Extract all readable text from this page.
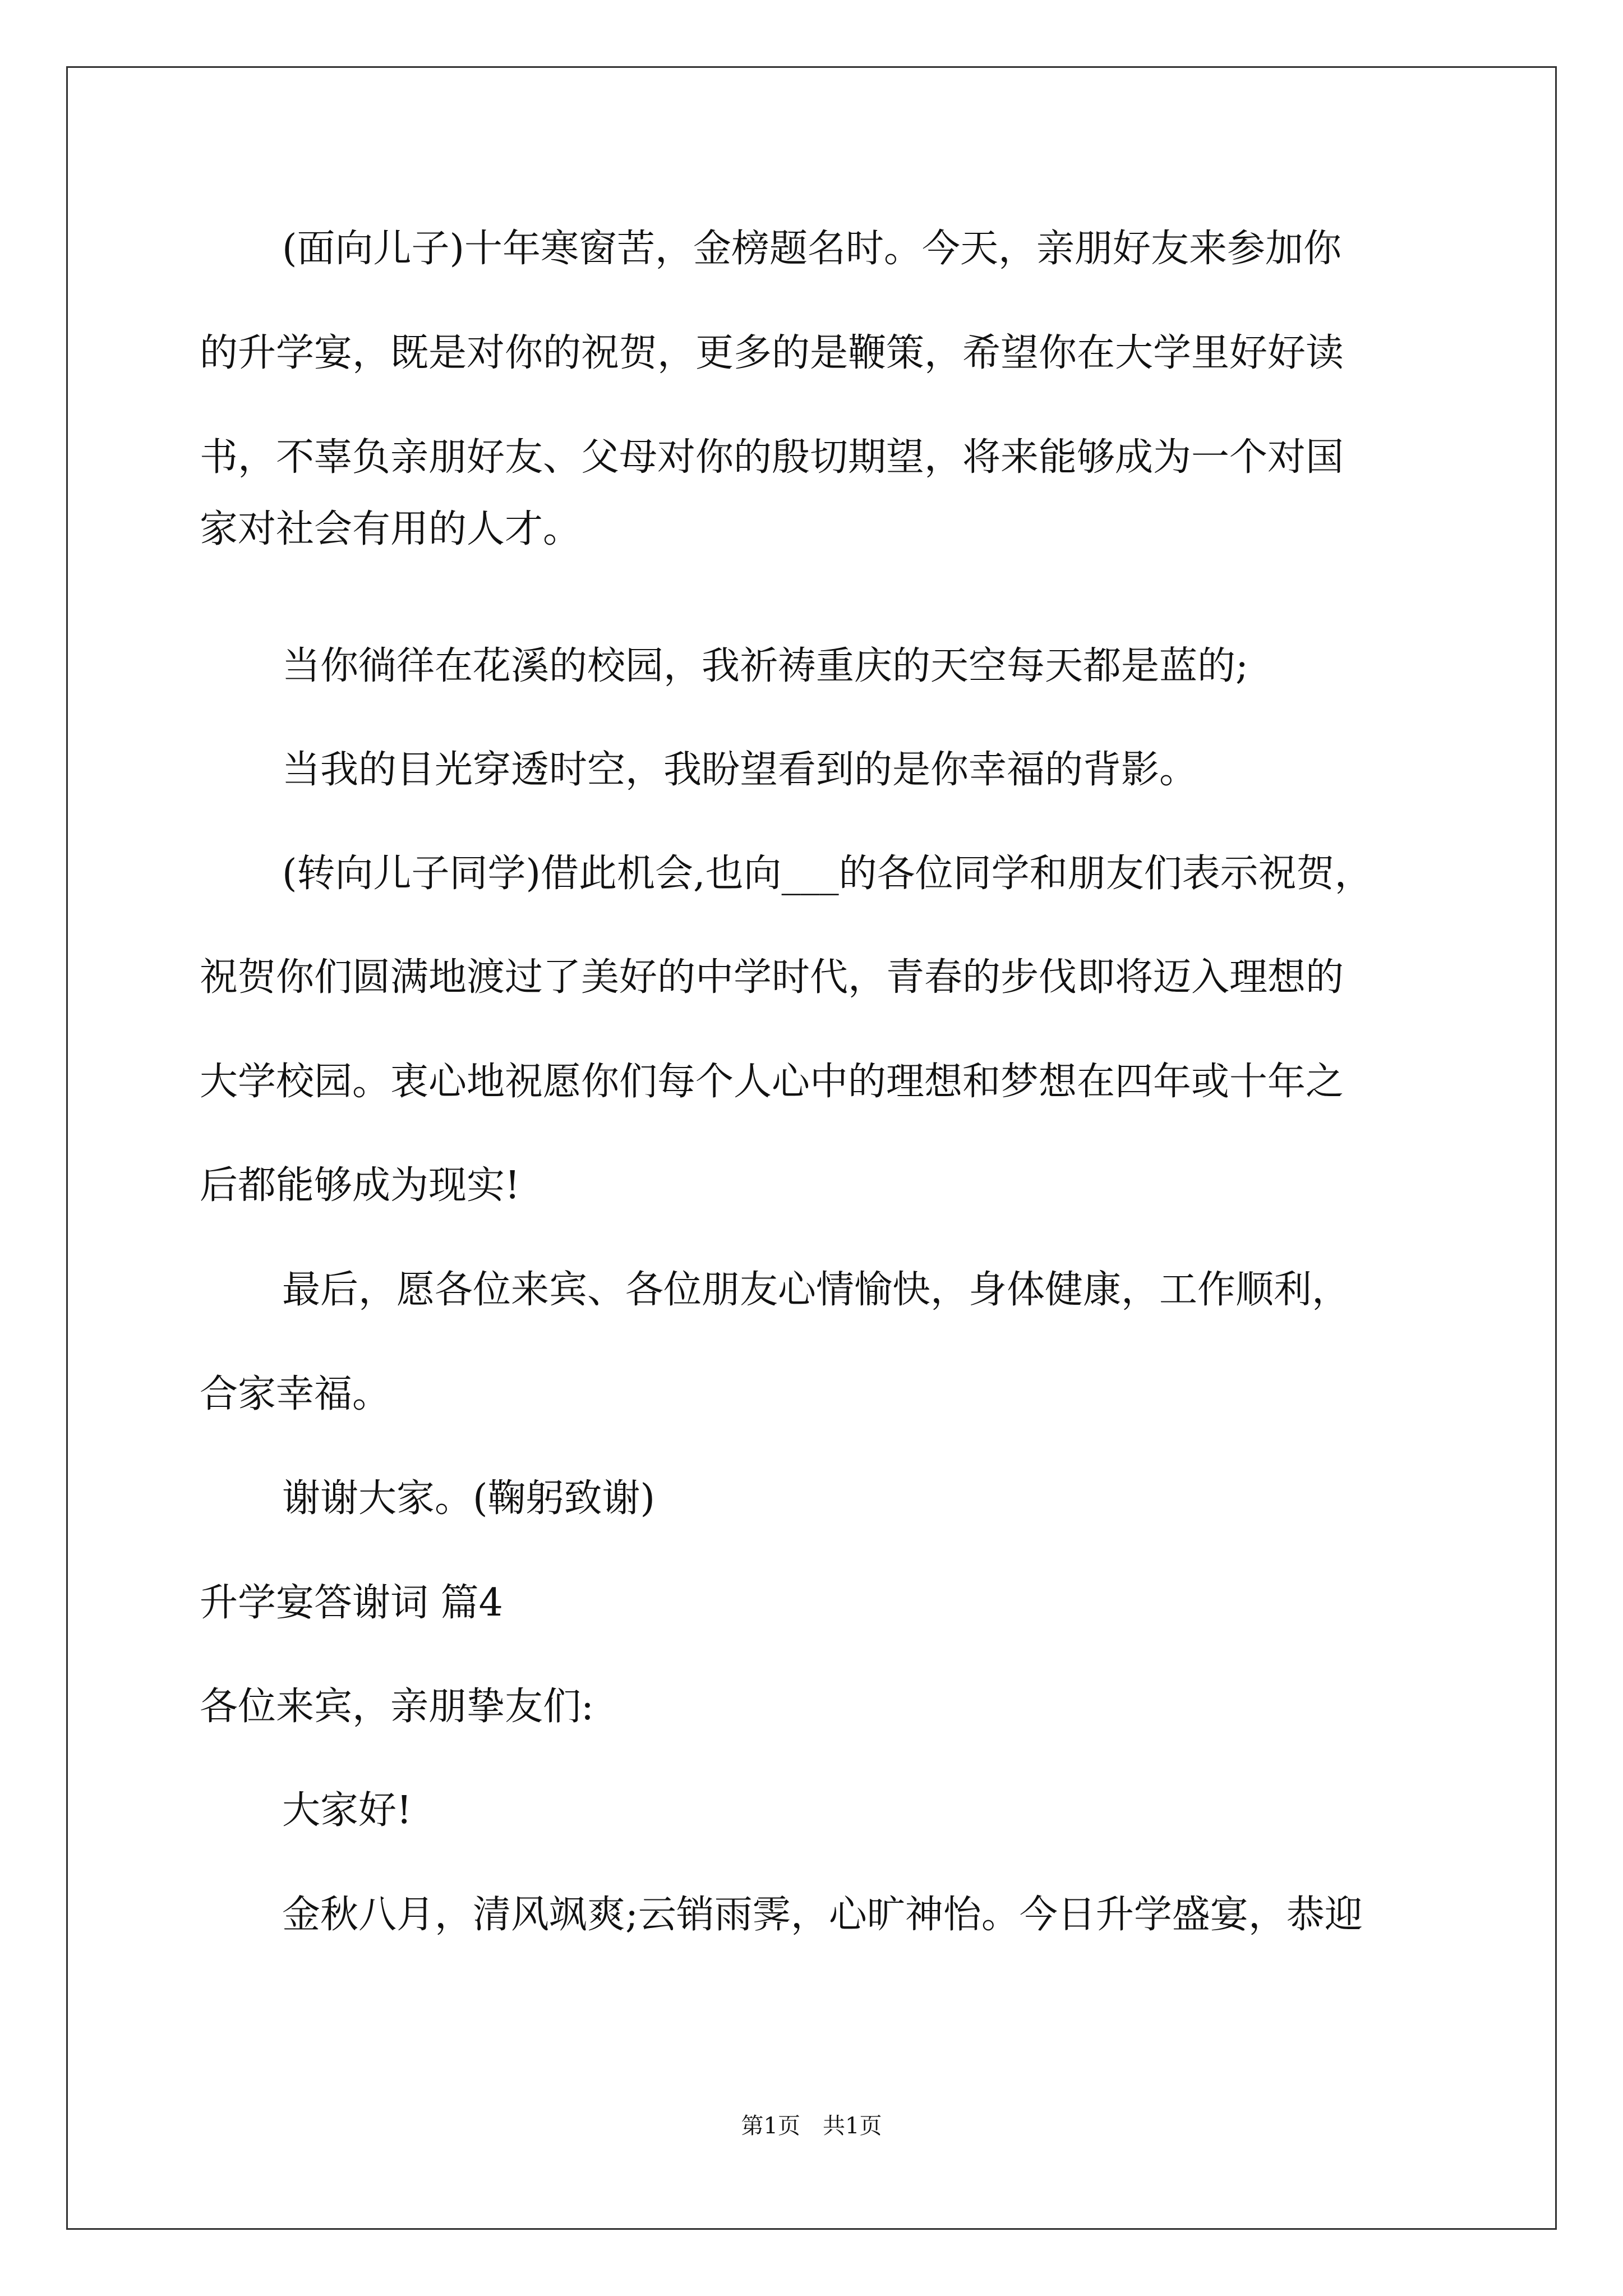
(面向儿子)十年寒窗苦，金榜题名时。今天，亲朋好友来参加你
的升学宴，既是对你的祝贺，更多的是鞭策，希望你在大学里好好读
书，不辜负亲朋好友、父母对你的殷切期望，将来能够成为一个对国
家对社会有用的人才。
当你徜徉在花溪的校园，我祈祷重庆的天空每天都是蓝的;
当我的目光穿透时空，我盼望看到的是你幸福的背影。
(转向儿子同学)借此机会,也向___的各位同学和朋友们表示祝贺，
祝贺你们圆满地渡过了美好的中学时代，青春的步伐即将迈入理想的
大学校园。衷心地祝愿你们每个人心中的理想和梦想在四年或十年之
后都能够成为现实!
最后，愿各位来宾、各位朋友心情愉快，身体健康，工作顺利，
合家幸福。
谢谢大家。(鞠躬致谢)
升学宴答谢词 篇4
各位来宾，亲朋挚友们:
大家好!
金秋八月，清风飒爽;云销雨霁，心旷神怡。今日升学盛宴，恭迎
第1页　共1页
